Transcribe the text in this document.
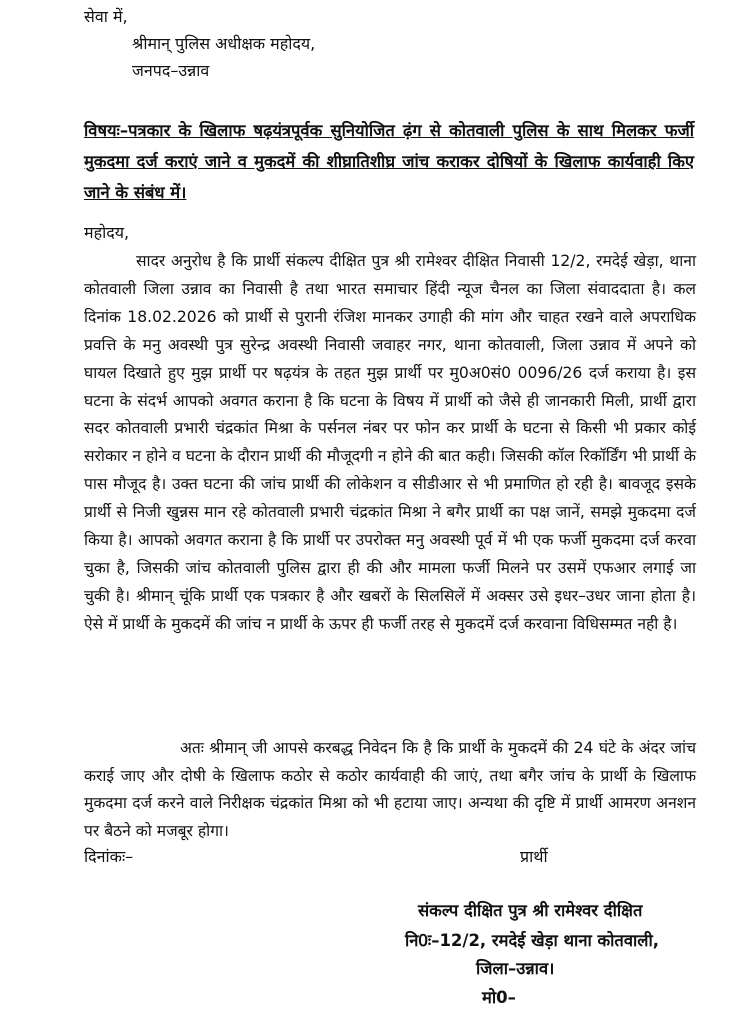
सेवा में,
श्रीमान् पुलिस अधीक्षक महोदय,
जनपद–उन्नाव
विषयः–पत्रकार के खिलाफ षढ़यंत्रपूर्वक सुनियोजित ढ़ंग से कोतवाली पुलिस के साथ मिलकर फर्जी मुकदमा दर्ज कराएं जाने व मुकदमें की शीघ्रातिशीघ्र जांच कराकर दोषियों के खिलाफ कार्यवाही किए जाने के संबंध में।
महोदय,
सादर अनुरोध है कि प्रार्थी संकल्प दीक्षित पुत्र श्री रामेश्वर दीक्षित निवासी 12/2, रमदेई खेड़ा, थाना कोतवाली जिला उन्नाव का निवासी है तथा भारत समाचार हिंदी न्यूज चैनल का जिला संवाददाता है। कल दिनांक 18.02.2026 को प्रार्थी से पुरानी रंजिश मानकर उगाही की मांग और चाहत रखने वाले अपराधिक प्रवत्ति के मनु अवस्थी पुत्र सुरेन्द्र अवस्थी निवासी जवाहर नगर, थाना कोतवाली, जिला उन्नाव में अपने को घायल दिखाते हुए मुझ प्रार्थी पर षढ़यंत्र के तहत मुझ प्रार्थी पर मु0अ0सं0 0096/26 दर्ज कराया है। इस घटना के संदर्भ आपको अवगत कराना है कि घटना के विषय में प्रार्थी को जैसे ही जानकारी मिली, प्रार्थी द्वारा सदर कोतवाली प्रभारी चंद्रकांत मिश्रा के पर्सनल नंबर पर फोन कर प्रार्थी के घटना से किसी भी प्रकार कोई सरोकार न होने व घटना के दौरान प्रार्थी की मौजूदगी न होने की बात कही। जिसकी कॉल रिकॉर्डिंग भी प्रार्थी के पास मौजूद है। उक्त घटना की जांच प्रार्थी की लोकेशन व सीडीआर से भी प्रमाणित हो रही है। बावजूद इसके प्रार्थी से निजी खुन्नस मान रहे कोतवाली प्रभारी चंद्रकांत मिश्रा ने बगैर प्रार्थी का पक्ष जानें, समझे मुकदमा दर्ज किया है। आपको अवगत कराना है कि प्रार्थी पर उपरोक्त मनु अवस्थी पूर्व में भी एक फर्जी मुकदमा दर्ज करवा चुका है, जिसकी जांच कोतवाली पुलिस द्वारा ही की और मामला फर्जी मिलने पर उसमें एफआर लगाई जा चुकी है। श्रीमान् चूंकि प्रार्थी एक पत्रकार है और खबरों के सिलसिलें में अक्सर उसे इधर–उधर जाना होता है। ऐसे में प्रार्थी के मुकदमें की जांच न प्रार्थी के ऊपर ही फर्जी तरह से मुकदमें दर्ज करवाना विधिसम्मत नही है।
अतः श्रीमान् जी आपसे करबद्ध निवेदन कि है कि प्रार्थी के मुकदमें की 24 घंटे के अंदर जांच कराई जाए और दोषी के खिलाफ कठोर से कठोर कार्यवाही की जाएं, तथा बगैर जांच के प्रार्थी के खिलाफ मुकदमा दर्ज करने वाले निरीक्षक चंद्रकांत मिश्रा को भी हटाया जाए। अन्यथा की दृष्टि में प्रार्थी आमरण अनशन पर बैठने को मजबूर होगा।
दिनांकः–	प्रार्थी
संकल्प दीक्षित पुत्र श्री रामेश्वर दीक्षित
नि0ः–12/2, रमदेई खेड़ा थाना कोतवाली,
जिला–उन्नाव।
मो0–
